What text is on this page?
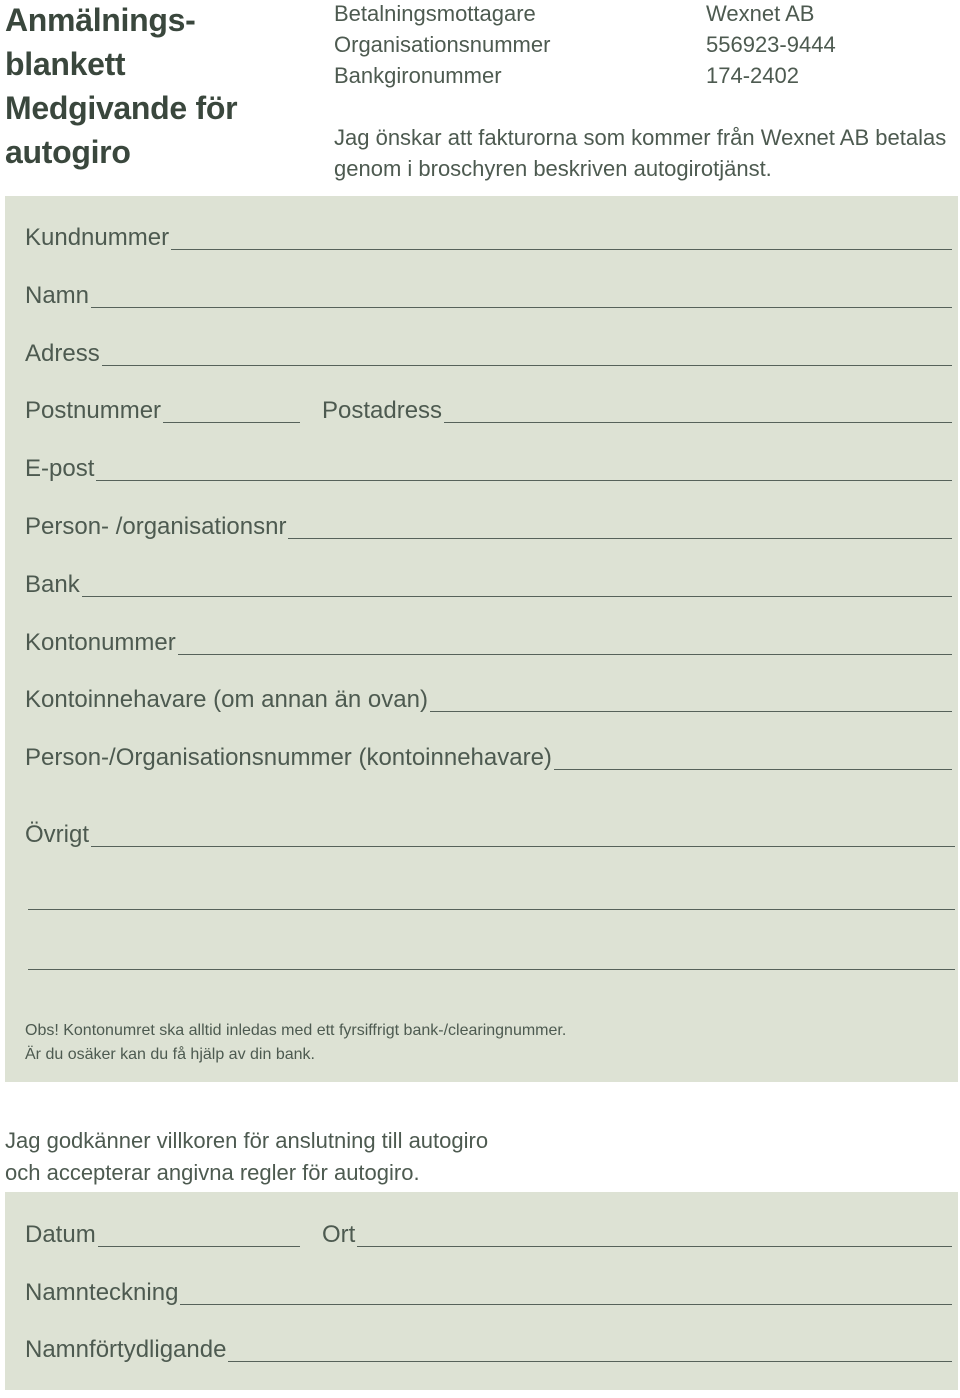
Anmälnings-
blankett
Medgivande för
autogiro
Betalningsmottagare	Wexnet AB
Organisationsnummer	556923-9444
Bankgironummer	174-2402
Jag önskar att fakturorna som kommer från Wexnet AB betalas
genom i broschyren beskriven autogirotjänst.
Kundnummer
Namn
Adress
Postnummer	Postadress
E-post
Person- /organisationsnr
Bank
Kontonummer
Kontoinnehavare (om annan än ovan)
Person-/Organisationsnummer (kontoinnehavare)
Övrigt
Obs! Kontonumret ska alltid inledas med ett fyrsiffrigt bank-/clearingnummer.
Är du osäker kan du få hjälp av din bank.
Jag godkänner villkoren för anslutning till autogiro
och accepterar angivna regler för autogiro.
Datum	Ort
Namnteckning
Namnförtydligande
